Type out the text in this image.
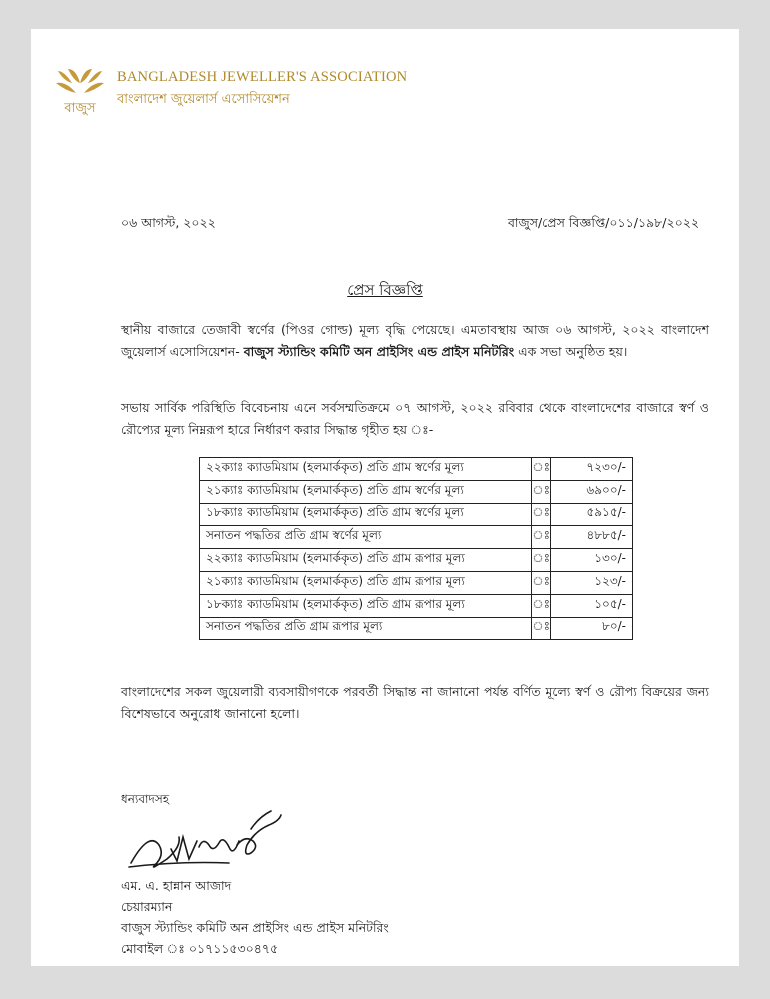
বাজুস
BANGLADESH JEWELLER'S ASSOCIATION
বাংলাদেশ জুয়েলার্স এসোসিয়েশন
০৬ আগস্ট, ২০২২	বাজুস/প্রেস বিজ্ঞপ্তি/০১১/১৯৮/২০২২
প্রেস বিজ্ঞপ্তি
স্থানীয় বাজারে তেজাবী স্বর্ণের (পিওর গোল্ড) মূল্য বৃদ্ধি পেয়েছে। এমতাবস্থায় আজ ০৬ আগস্ট, ২০২২ বাংলাদেশ জুয়েলার্স এসোসিয়েশন- বাজুস স্ট্যান্ডিং কমিটি অন প্রাইসিং এন্ড প্রাইস মনিটরিং এক সভা অনুষ্ঠিত হয়।
সভায় সার্বিক পরিস্থিতি বিবেচনায় এনে সর্বসম্মতিক্রমে ০৭ আগস্ট, ২০২২ রবিবার থেকে বাংলাদেশের বাজারে স্বর্ণ ও রৌপ্যের মূল্য নিম্নরূপ হারে নির্ধারণ করার সিদ্ধান্ত গৃহীত হয় ঃ-
২২ক্যাঃ ক্যাডমিয়াম (হলমার্ককৃত) প্রতি গ্রাম স্বর্ণের মূল্য	ঃ	৭২৩০/-
২১ক্যাঃ ক্যাডমিয়াম (হলমার্ককৃত) প্রতি গ্রাম স্বর্ণের মূল্য	ঃ	৬৯০০/-
১৮ক্যাঃ ক্যাডমিয়াম (হলমার্ককৃত) প্রতি গ্রাম স্বর্ণের মূল্য	ঃ	৫৯১৫/-
সনাতন পদ্ধতির প্রতি গ্রাম স্বর্ণের মূল্য	ঃ	৪৮৮৫/-
২২ক্যাঃ ক্যাডমিয়াম (হলমার্ককৃত) প্রতি গ্রাম রূপার মূল্য	ঃ	১৩০/-
২১ক্যাঃ ক্যাডমিয়াম (হলমার্ককৃত) প্রতি গ্রাম রূপার মূল্য	ঃ	১২৩/-
১৮ক্যাঃ ক্যাডমিয়াম (হলমার্ককৃত) প্রতি গ্রাম রূপার মূল্য	ঃ	১০৫/-
সনাতন পদ্ধতির প্রতি গ্রাম রূপার মূল্য	ঃ	৮০/-
বাংলাদেশের সকল জুয়েলারী ব্যবসায়ীগণকে পরবর্তী সিদ্ধান্ত না জানানো পর্যন্ত বর্ণিত মূল্যে স্বর্ণ ও রৌপ্য বিক্রয়ের জন্য বিশেষভাবে অনুরোধ জানানো হলো।
ধন্যবাদসহ
এম. এ. হান্নান আজাদ
চেয়ারম্যান
বাজুস স্ট্যান্ডিং কমিটি অন প্রাইসিং এন্ড প্রাইস মনিটরিং
মোবাইল ঃ ০১৭১১৫৩০৪৭৫
